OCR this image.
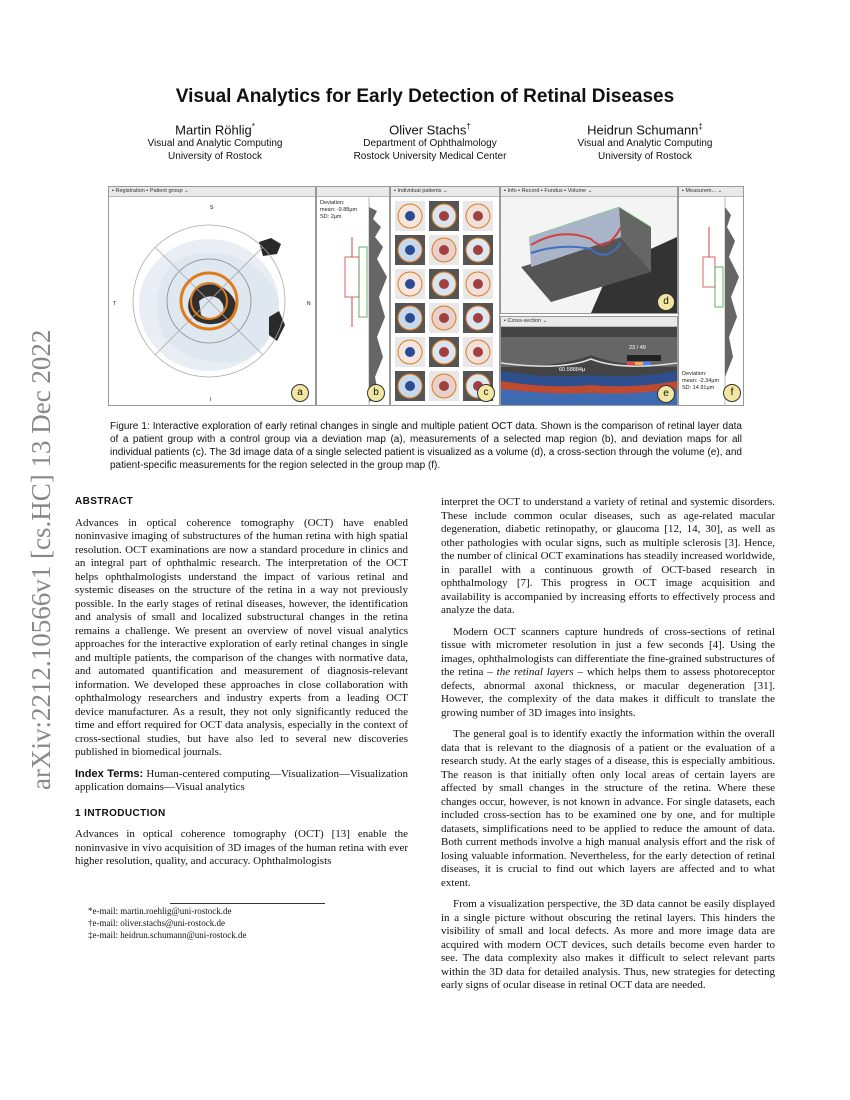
arXiv:2212.10566v1 [cs.HC] 13 Dec 2022
Visual Analytics for Early Detection of Retinal Diseases
Martin Röhlig*
Visual and Analytic Computing
University of Rostock
Oliver Stachs†
Department of Ophthalmology
Rostock University Medical Center
Heidrun Schumann‡
Visual and Analytic Computing
University of Rostock
▪ Registration ▪ Patient group ⌄
S
T	N
I
a
Deviation:
mean: -9.88µm
SD: 2µm
b
▪ Individual patients ⌄
c
▪ Info ▪ Record ▪ Fundus ▪ Volume ⌄
d
▪ Cross-section ⌄
60.58884µ
23 / 49
e
▪ Measurem... ⌄
Deviation:
mean: -2.34µm
SD: 14.91µm	f
Figure 1: Interactive exploration of early retinal changes in single and multiple patient OCT data. Shown is the comparison of retinal layer data of a patient group with a control group via a deviation map (a), measurements of a selected map region (b), and deviation maps for all individual patients (c). The 3d image data of a single selected patient is visualized as a volume (d), a cross-section through the volume (e), and patient-specific measurements for the region selected in the group map (f).
ABSTRACT

Advances in optical coherence tomography (OCT) have enabled noninvasive imaging of substructures of the human retina with high spatial resolution. OCT examinations are now a standard procedure in clinics and an integral part of ophthalmic research. The interpretation of the OCT helps ophthalmologists understand the impact of various retinal and systemic diseases on the structure of the retina in a way not previously possible. In the early stages of retinal diseases, however, the identification and analysis of small and localized substructural changes in the retina remains a challenge. We present an overview of novel visual analytics approaches for the interactive exploration of early retinal changes in single and multiple patients, the comparison of the changes with normative data, and automated quantification and measurement of diagnosis-relevant information. We developed these approaches in close collaboration with ophthalmology researchers and industry experts from a leading OCT device manufacturer. As a result, they not only significantly reduced the time and effort required for OCT data analysis, especially in the context of cross-sectional studies, but have also led to several new discoveries published in biomedical journals.

Index Terms: Human-centered computing—Visualization—Visualization application domains—Visual analytics

1 INTRODUCTION

Advances in optical coherence tomography (OCT) [13] enable the noninvasive in vivo acquisition of 3D images of the human retina with ever higher resolution, quality, and accuracy. Ophthalmologists

*e-mail: martin.roehlig@uni-rostock.de
†e-mail: oliver.stachs@uni-rostock.de
‡e-mail: heidrun.schumann@uni-rostock.de

interpret the OCT to understand a variety of retinal and systemic disorders. These include common ocular diseases, such as age-related macular degeneration, diabetic retinopathy, or glaucoma [12, 14, 30], as well as other pathologies with ocular signs, such as multiple sclerosis [3]. Hence, the number of clinical OCT examinations has steadily increased worldwide, in parallel with a continuous growth of OCT-based research in ophthalmology [7]. This progress in OCT image acquisition and availability is accompanied by increasing efforts to effectively process and analyze the data.

Modern OCT scanners capture hundreds of cross-sections of retinal tissue with micrometer resolution in just a few seconds [4]. Using the images, ophthalmologists can differentiate the fine-grained substructures of the retina – the retinal layers – which helps them to assess photoreceptor defects, abnormal axonal thickness, or macular degeneration [31]. However, the complexity of the data makes it difficult to translate the growing number of 3D images into insights.

The general goal is to identify exactly the information within the overall data that is relevant to the diagnosis of a patient or the evaluation of a research study. At the early stages of a disease, this is especially ambitious. The reason is that initially often only local areas of certain layers are affected by small changes in the structure of the retina. Where these changes occur, however, is not known in advance. For single datasets, each included cross-section has to be examined one by one, and for multiple datasets, simplifications need to be applied to reduce the amount of data. Both current methods involve a high manual analysis effort and the risk of losing valuable information. Nevertheless, for the early detection of retinal diseases, it is crucial to find out which layers are affected and to what extent.

From a visualization perspective, the 3D data cannot be easily displayed in a single picture without obscuring the retinal layers. This hinders the visibility of small and local defects. As more and more image data are acquired with modern OCT devices, such details become even harder to see. The data complexity also makes it difficult to select relevant parts within the 3D data for detailed analysis. Thus, new strategies for detecting early signs of ocular disease in retinal OCT data are needed.
